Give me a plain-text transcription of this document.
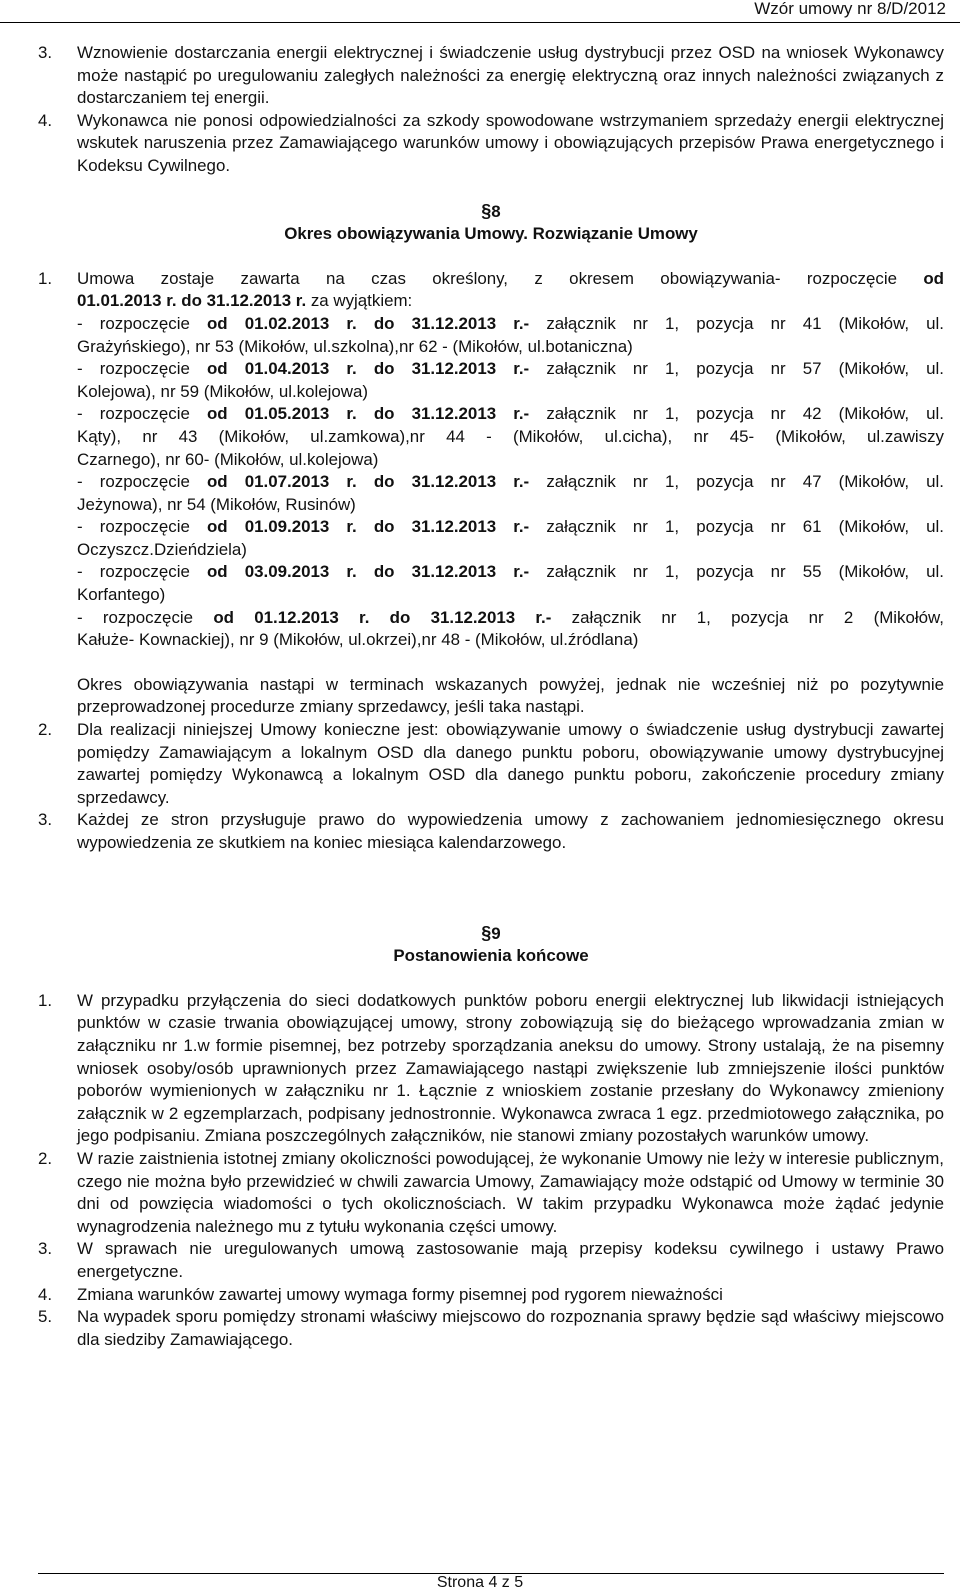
Wzór umowy nr 8/D/2012
3.	Wznowienie dostarczania energii elektrycznej i świadczenie usług dystrybucji przez OSD na wniosek Wykonawcy może nastąpić po uregulowaniu zaległych należności za energię elektryczną oraz innych należności związanych z dostarczaniem tej energii.
4.	Wykonawca nie ponosi odpowiedzialności za szkody spowodowane wstrzymaniem sprzedaży energii elektrycznej wskutek naruszenia przez Zamawiającego warunków umowy i obowiązujących przepisów Prawa energetycznego i Kodeksu Cywilnego.
§8
Okres obowiązywania Umowy. Rozwiązanie Umowy
1.	Umowa zostaje zawarta na czas określony, z okresem obowiązywania- rozpoczęcie od
01.01.2013 r. do 31.12.2013 r. za wyjątkiem:
- rozpoczęcie od 01.02.2013 r. do 31.12.2013 r.- załącznik nr 1, pozycja nr 41 (Mikołów, ul.
Grażyńskiego), nr 53 (Mikołów, ul.szkolna),nr 62 - (Mikołów, ul.botaniczna)
- rozpoczęcie od 01.04.2013 r. do 31.12.2013 r.- załącznik nr 1, pozycja nr 57 (Mikołów, ul.
Kolejowa), nr 59 (Mikołów, ul.kolejowa)
- rozpoczęcie od 01.05.2013 r. do 31.12.2013 r.- załącznik nr 1, pozycja nr 42 (Mikołów, ul.
Kąty), nr 43 (Mikołów, ul.zamkowa),nr 44 - (Mikołów, ul.cicha), nr 45- (Mikołów, ul.zawiszy
Czarnego), nr 60- (Mikołów, ul.kolejowa)
- rozpoczęcie od 01.07.2013 r. do 31.12.2013 r.- załącznik nr 1, pozycja nr 47 (Mikołów, ul.
Jeżynowa), nr 54 (Mikołów, Rusinów)
- rozpoczęcie od 01.09.2013 r. do 31.12.2013 r.- załącznik nr 1, pozycja nr 61 (Mikołów, ul.
Oczyszcz.Dzieńdziela)
- rozpoczęcie od 03.09.2013 r. do 31.12.2013 r.- załącznik nr 1, pozycja nr 55 (Mikołów, ul.
Korfantego)
- rozpoczęcie od 01.12.2013 r. do 31.12.2013 r.- załącznik nr 1, pozycja nr 2 (Mikołów,
Kałuże- Kownackiej), nr 9 (Mikołów, ul.okrzei),nr 48 - (Mikołów, ul.źródlana)

Okres obowiązywania nastąpi w terminach wskazanych powyżej, jednak nie wcześniej niż po pozytywnie przeprowadzonej procedurze zmiany sprzedawcy, jeśli taka nastąpi.

2.	Dla realizacji niniejszej Umowy konieczne jest: obowiązywanie umowy o świadczenie usług dystrybucji zawartej pomiędzy Zamawiającym a lokalnym OSD dla danego punktu poboru, obowiązywanie umowy dystrybucyjnej zawartej pomiędzy Wykonawcą a lokalnym OSD dla danego punktu poboru, zakończenie procedury zmiany sprzedawcy.
3.	Każdej ze stron przysługuje prawo do wypowiedzenia umowy z zachowaniem jednomiesięcznego okresu wypowiedzenia ze skutkiem na koniec miesiąca kalendarzowego.
§9
Postanowienia końcowe
1.	W przypadku przyłączenia do sieci dodatkowych punktów poboru energii elektrycznej lub likwidacji istniejących punktów w czasie trwania obowiązującej umowy, strony zobowiązują się do bieżącego wprowadzania zmian w załączniku nr 1.w formie pisemnej, bez potrzeby sporządzania aneksu do umowy. Strony ustalają, że na pisemny wniosek osoby/osób uprawnionych przez Zamawiającego nastąpi zwiększenie lub zmniejszenie ilości punktów poborów wymienionych w załączniku nr 1. Łącznie z wnioskiem zostanie przesłany do Wykonawcy zmieniony załącznik w 2 egzemplarzach, podpisany jednostronnie. Wykonawca zwraca 1 egz. przedmiotowego załącznika, po jego podpisaniu. Zmiana poszczególnych załączników, nie stanowi zmiany pozostałych warunków umowy.
2.	W razie zaistnienia istotnej zmiany okoliczności powodującej, że wykonanie Umowy nie leży w interesie publicznym, czego nie można było przewidzieć w chwili zawarcia Umowy, Zamawiający może odstąpić od Umowy w terminie 30 dni od powzięcia wiadomości o tych okolicznościach. W takim przypadku Wykonawca może żądać jedynie wynagrodzenia należnego mu z tytułu wykonania części umowy.
3.	W sprawach nie uregulowanych umową zastosowanie mają przepisy kodeksu cywilnego i ustawy Prawo energetyczne.
4.	Zmiana warunków zawartej umowy wymaga formy pisemnej pod rygorem nieważności
5.	Na wypadek sporu pomiędzy stronami właściwy miejscowo do rozpoznania sprawy będzie sąd właściwy miejscowo dla siedziby Zamawiającego.
Strona 4 z 5
